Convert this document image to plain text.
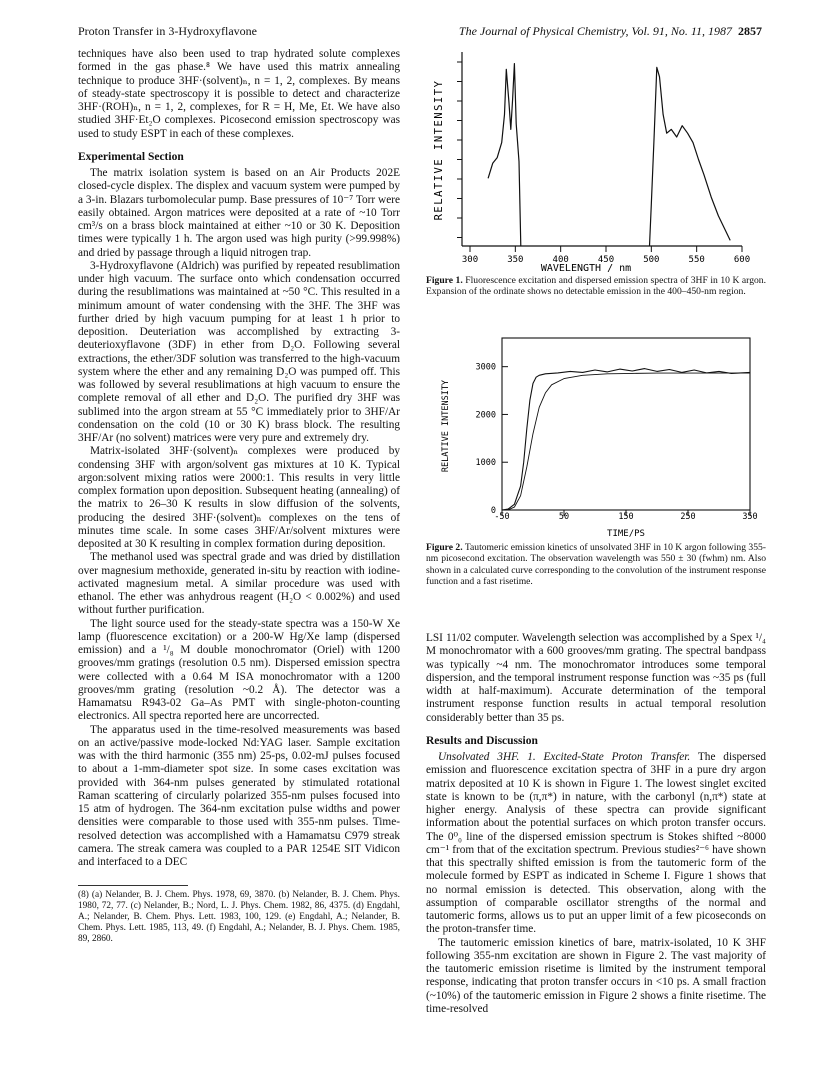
Proton Transfer in 3-Hydroxyflavone	The Journal of Physical Chemistry, Vol. 91, No. 11, 1987 2857

techniques have also been used to trap hydrated solute complexes formed in the gas phase.⁸ We have used this matrix annealing technique to produce 3HF·(solvent)ₙ, n = 1, 2, complexes. By means of steady-state spectroscopy it is possible to detect and characterize 3HF·(ROH)ₙ, n = 1, 2, complexes, for R = H, Me, Et. We have also studied 3HF·Et₂O complexes. Picosecond emission spectroscopy was used to study ESPT in each of these complexes.

Experimental Section

The matrix isolation system is based on an Air Products 202E closed-cycle displex. The displex and vacuum system were pumped by a 3-in. Blazars turbomolecular pump. Base pressures of 10⁻⁷ Torr were easily obtained. Argon matrices were deposited at a rate of ~10 Torr cm³/s on a brass block maintained at either ~10 or 30 K. Deposition times were typically 1 h. The argon used was high purity (>99.998%) and dried by passage through a liquid nitrogen trap.

3-Hydroxyflavone (Aldrich) was purified by repeated resublimation under high vacuum. The surface onto which condensation occurred during the resublimations was maintained at ~50 °C. This resulted in a minimum amount of water condensing with the 3HF. The 3HF was further dried by high vacuum pumping for at least 1 h prior to deposition. Deuteriation was accomplished by extracting 3-deuterioxyflavone (3DF) in ether from D₂O. Following several extractions, the ether/3DF solution was transferred to the high-vacuum system where the ether and any remaining D₂O was pumped off. This was followed by several resublimations at high vacuum to ensure the complete removal of all ether and D₂O. The purified dry 3HF was sublimed into the argon stream at 55 °C immediately prior to 3HF/Ar condensation on the cold (10 or 30 K) brass block. The resulting 3HF/Ar (no solvent) matrices were very pure and extremely dry.

Matrix-isolated 3HF·(solvent)ₙ complexes were produced by condensing 3HF with argon/solvent gas mixtures at 10 K. Typical argon:solvent mixing ratios were 2000:1. This results in very little complex formation upon deposition. Subsequent heating (annealing) of the matrix to 26–30 K results in slow diffusion of the solvents, producing the desired 3HF·(solvent)ₙ complexes on the tens of minutes time scale. In some cases 3HF/Ar/solvent mixtures were deposited at 30 K resulting in complex formation during deposition.

The methanol used was spectral grade and was dried by distillation over magnesium methoxide, generated in-situ by reaction with iodine-activated magnesium metal. A similar procedure was used with ethanol. The ether was anhydrous reagent (H₂O < 0.002%) and used without further purification.

The light source used for the steady-state spectra was a 150-W Xe lamp (fluorescence excitation) or a 200-W Hg/Xe lamp (dispersed emission) and a ¹/₈ M double monochromator (Oriel) with 1200 grooves/mm gratings (resolution 0.5 nm). Dispersed emission spectra were collected with a 0.64 M ISA monochromator with a 1200 grooves/mm grating (resolution ~0.2 Å). The detector was a Hamamatsu R943-02 Ga–As PMT with single-photon-counting electronics. All spectra reported here are uncorrected.

The apparatus used in the time-resolved measurements was based on an active/passive mode-locked Nd:YAG laser. Sample excitation was with the third harmonic (355 nm) 25-ps, 0.02-mJ pulses focused to about a 1-mm-diameter spot size. In some cases excitation was provided with 364-nm pulses generated by stimulated rotational Raman scattering of circularly polarized 355-nm pulses focused into 15 atm of hydrogen. The 364-nm excitation pulse widths and power densities were comparable to those used with 355-nm pulses. Time-resolved detection was accomplished with a Hamamatsu C979 streak camera. The streak camera was coupled to a PAR 1254E SIT Vidicon and interfaced to a DEC

(8) (a) Nelander, B. J. Chem. Phys. 1978, 69, 3870. (b) Nelander, B. J. Chem. Phys. 1980, 72, 77. (c) Nelander, B.; Nord, L. J. Phys. Chem. 1982, 86, 4375. (d) Engdahl, A.; Nelander, B. Chem. Phys. Lett. 1983, 100, 129. (e) Engdahl, A.; Nelander, B. Chem. Phys. Lett. 1985, 113, 49. (f) Engdahl, A.; Nelander, B. J. Phys. Chem. 1985, 89, 2860.
300	350	400	450	500	550	600
WAVELENGTH / nm
RELATIVE INTENSITY
Figure 1. Fluorescence excitation and dispersed emission spectra of 3HF in 10 K argon. Expansion of the ordinate shows no detectable emission in the 400–450-nm region.
0
1000
2000
3000
-50	50	150	250	350
TIME/PS
RELATIVE INTENSITY
Figure 2. Tautomeric emission kinetics of unsolvated 3HF in 10 K argon following 355-nm picosecond excitation. The observation wavelength was 550 ± 30 (fwhm) nm. Also shown in a calculated curve corresponding to the convolution of the instrument response function and a fast risetime.

LSI 11/02 computer. Wavelength selection was accomplished by a Spex ¹/₄ M monochromator with a 600 grooves/mm grating. The spectral bandpass was typically ~4 nm. The monochromator introduces some temporal dispersion, and the temporal instrument response function was ~35 ps (full width at half-maximum). Accurate determination of the temporal instrument response function results in actual temporal resolution considerably better than 35 ps.

Results and Discussion

Unsolvated 3HF. 1. Excited-State Proton Transfer. The dispersed emission and fluorescence excitation spectra of 3HF in a pure dry argon matrix deposited at 10 K is shown in Figure 1. The lowest singlet excited state is known to be (π,π*) in nature, with the carbonyl (n,π*) state at higher energy. Analysis of these spectra can provide significant information about the potential surfaces on which proton transfer occurs. The 0⁰₀ line of the dispersed emission spectrum is Stokes shifted ~8000 cm⁻¹ from that of the excitation spectrum. Previous studies²⁻⁶ have shown that this spectrally shifted emission is from the tautomeric form of the molecule formed by ESPT as indicated in Scheme I. Figure 1 shows that no normal emission is detected. This observation, along with the assumption of comparable oscillator strengths of the normal and tautomeric forms, allows us to put an upper limit of a few picoseconds on the proton-transfer time.

The tautomeric emission kinetics of bare, matrix-isolated, 10 K 3HF following 355-nm excitation are shown in Figure 2. The vast majority of the tautomeric emission risetime is limited by the instrument temporal response, indicating that proton transfer occurs in <10 ps. A small fraction (~10%) of the tautomeric emission in Figure 2 shows a finite risetime. The time-resolved
